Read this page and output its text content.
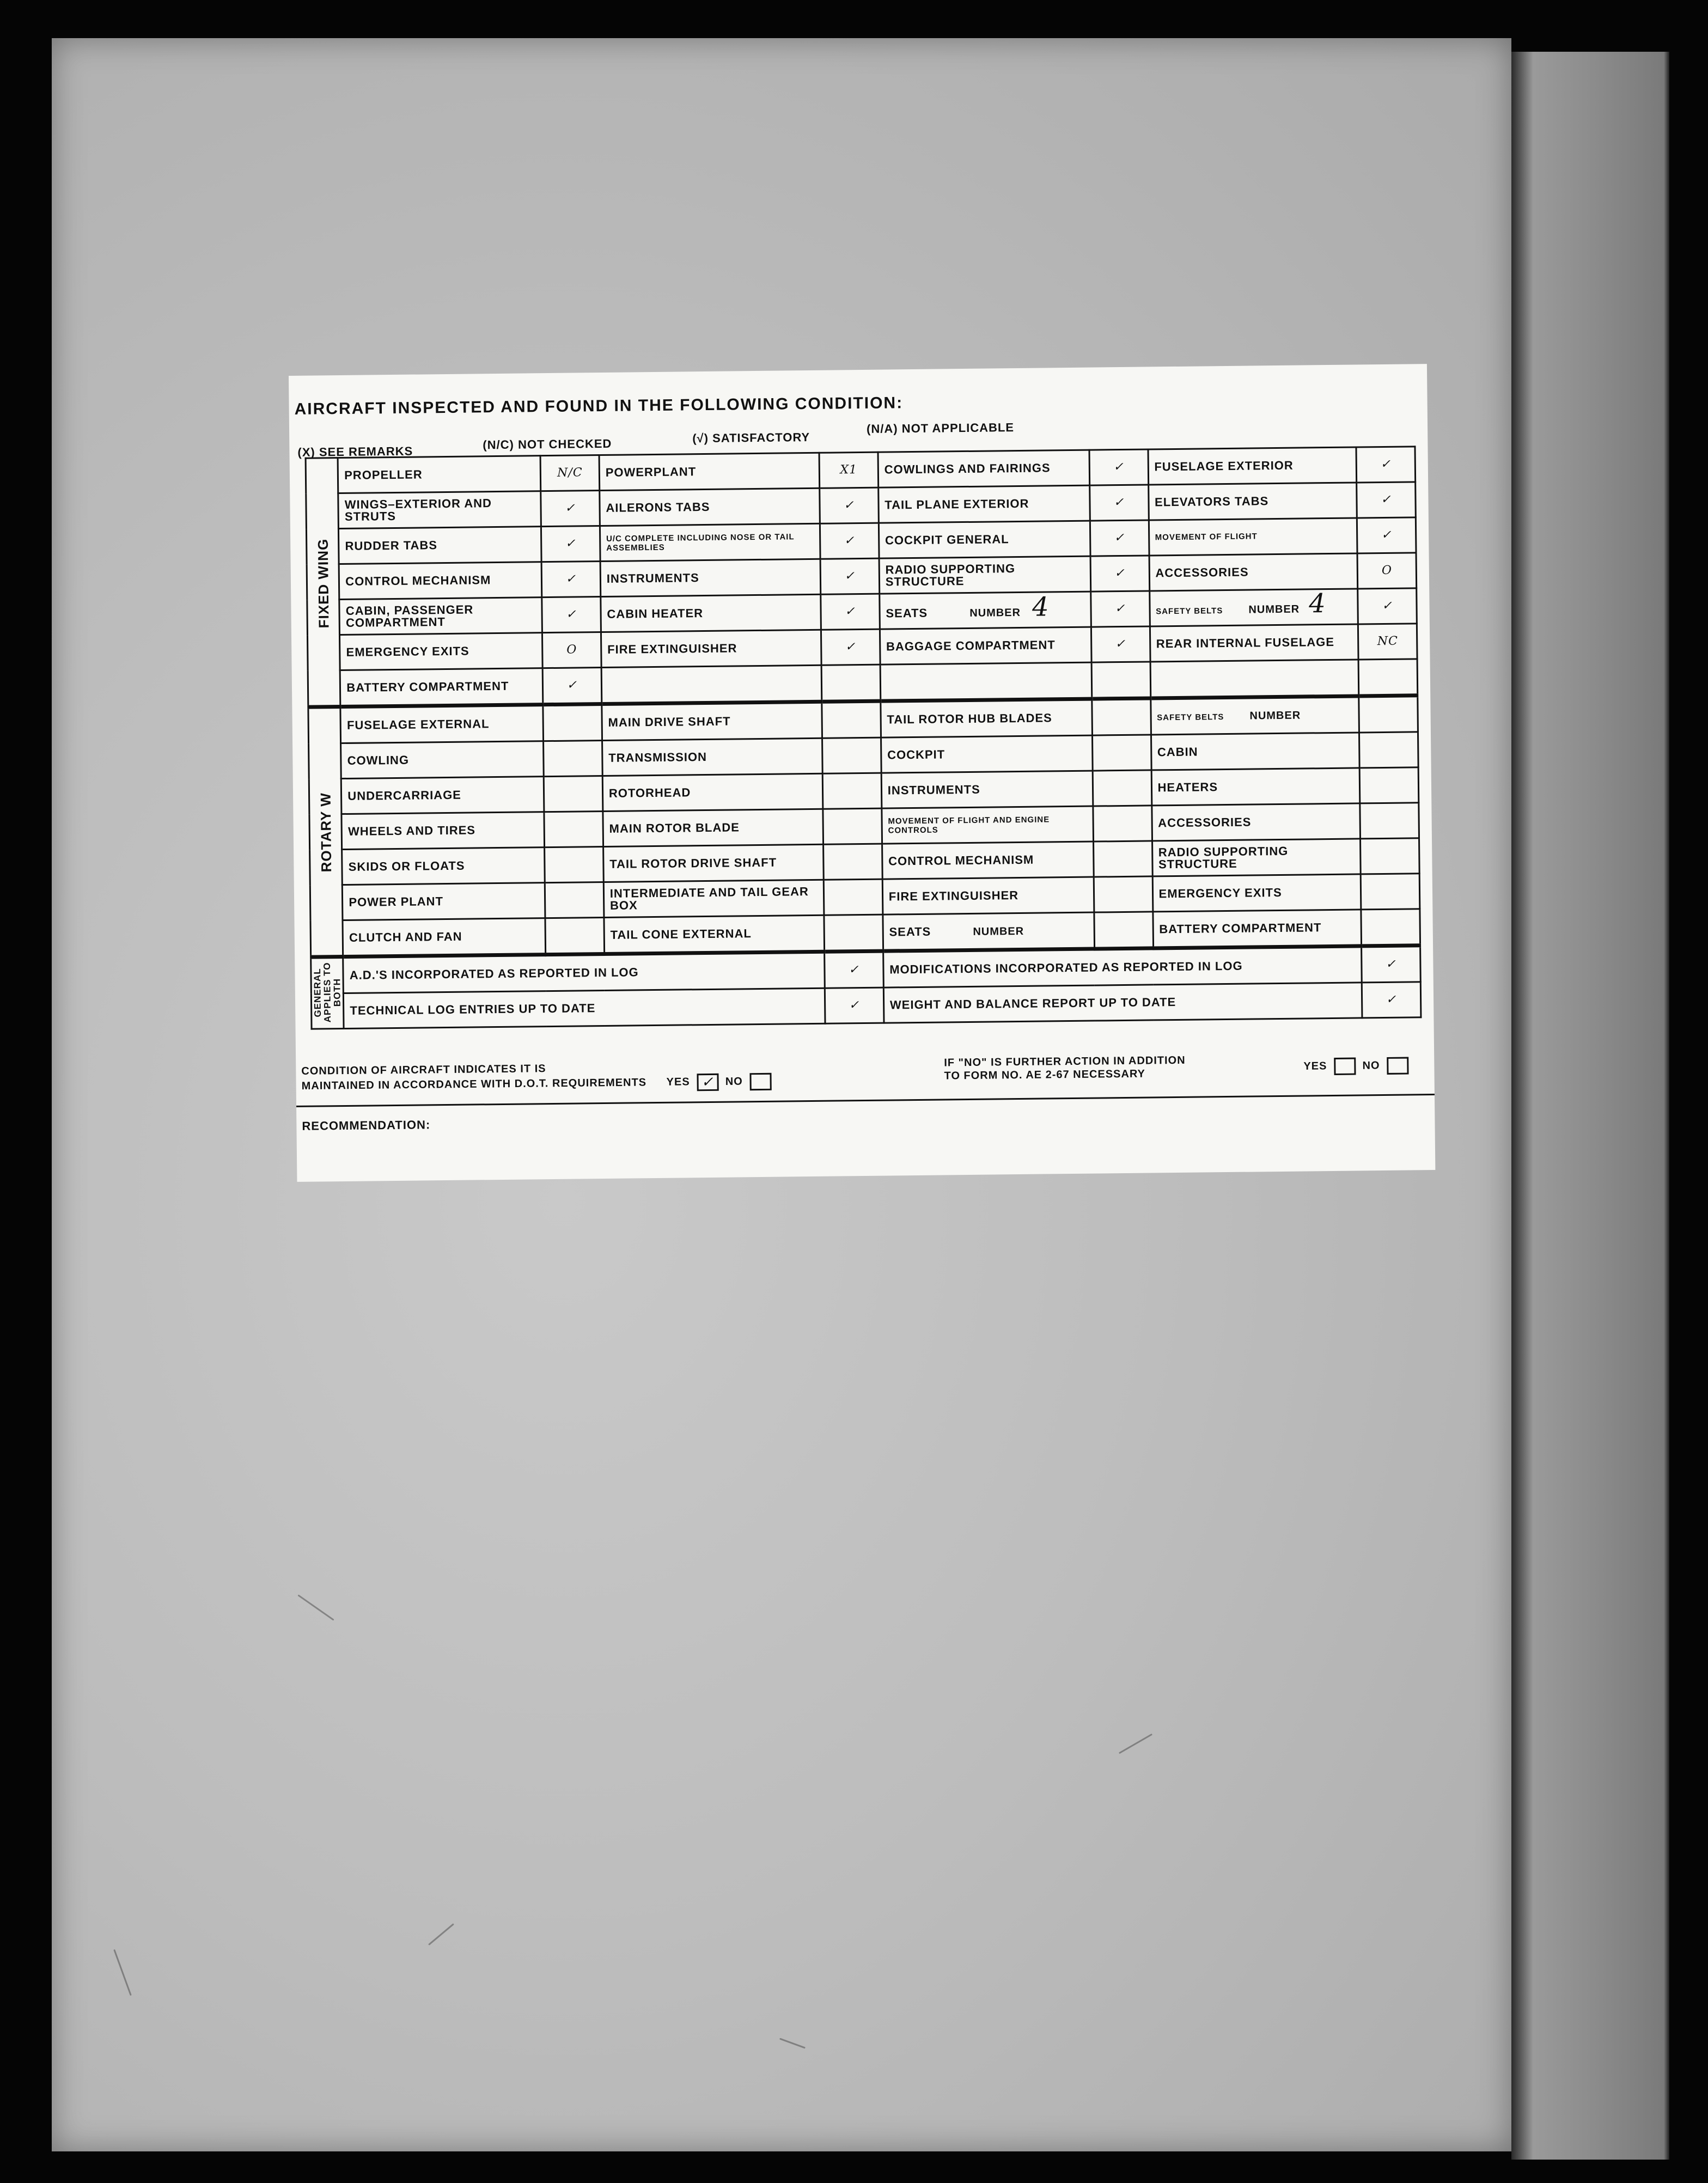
AIRCRAFT INSPECTED AND FOUND IN THE FOLLOWING CONDITION:
(X) SEE REMARKS	(N/C) NOT CHECKED	(√) SATISFACTORY
(N/A) NOT APPLICABLE
FIXED WING	PROPELLER	N/C	POWERPLANT	X1	COWLINGS AND FAIRINGS	✓	FUSELAGE EXTERIOR	✓
	WINGS–EXTERIOR AND STRUTS	✓	AILERONS TABS	✓	TAIL PLANE EXTERIOR	✓	ELEVATORS TABS	✓
	RUDDER TABS	✓	U/C COMPLETE INCLUDING NOSE OR TAIL ASSEMBLIES	✓	COCKPIT GENERAL	✓	MOVEMENT OF FLIGHT	✓
	CONTROL MECHANISM	✓	INSTRUMENTS	✓	RADIO SUPPORTING STRUCTURE	✓	ACCESSORIES	O
	CABIN, PASSENGER COMPARTMENT	✓	CABIN HEATER	✓	SEATS NUMBER 4	✓	SAFETY BELTS NUMBER 4	✓
	EMERGENCY EXITS	O	FIRE EXTINGUISHER	✓	BAGGAGE COMPARTMENT	✓	REAR INTERNAL FUSELAGE	NC
	BATTERY COMPARTMENT	✓						
ROTARY W	FUSELAGE EXTERNAL		MAIN DRIVE SHAFT		TAIL ROTOR HUB BLADES		SAFETY BELTS NUMBER	
	COWLING		TRANSMISSION		COCKPIT		CABIN	
	UNDERCARRIAGE		ROTORHEAD		INSTRUMENTS		HEATERS	
	WHEELS AND TIRES		MAIN ROTOR BLADE		MOVEMENT OF FLIGHT AND ENGINE CONTROLS		ACCESSORIES	
	SKIDS OR FLOATS		TAIL ROTOR DRIVE SHAFT		CONTROL MECHANISM		RADIO SUPPORTING STRUCTURE	
	POWER PLANT		INTERMEDIATE AND TAIL GEAR BOX		FIRE EXTINGUISHER		EMERGENCY EXITS	
	CLUTCH AND FAN		TAIL CONE EXTERNAL		SEATS NUMBER		BATTERY COMPARTMENT	
GENERAL APPLIES TO BOTH	A.D.'S INCORPORATED AS REPORTED IN LOG			✓	MODIFICATIONS INCORPORATED AS REPORTED IN LOG			✓
	TECHNICAL LOG ENTRIES UP TO DATE			✓	WEIGHT AND BALANCE REPORT UP TO DATE			✓
CONDITION OF AIRCRAFT INDICATES IT IS
MAINTAINED IN ACCORDANCE WITH D.O.T. REQUIREMENTS YES ✓ NO
IF "NO" IS FURTHER ACTION IN ADDITION
TO FORM NO. AE 2-67 NECESSARY
YES	NO
RECOMMENDATION:
